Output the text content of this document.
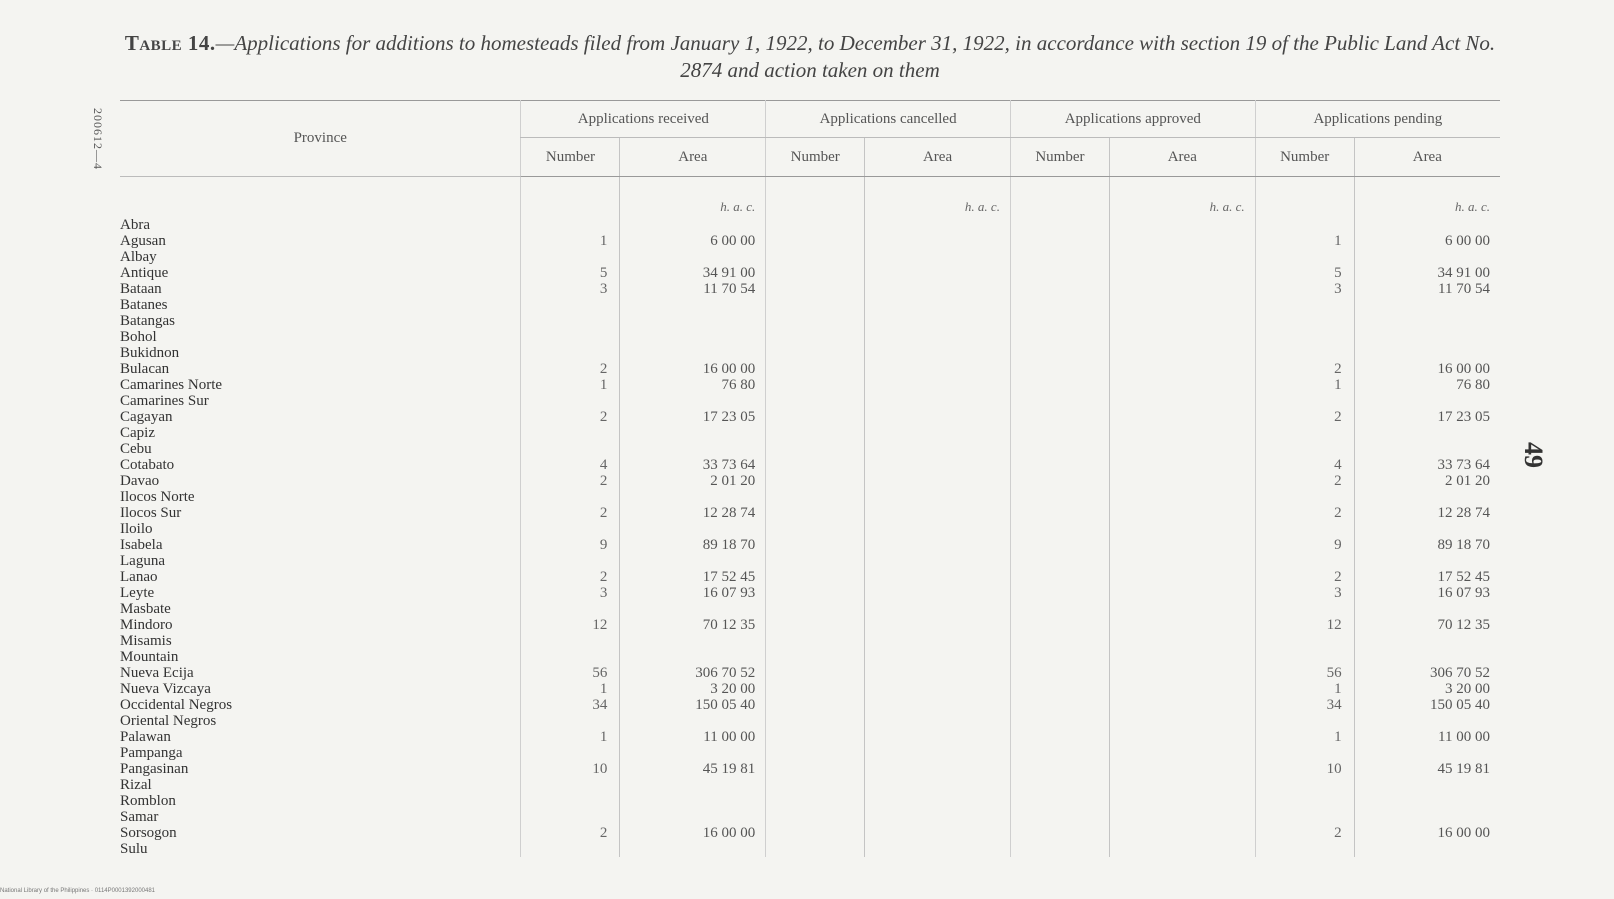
Table 14.—Applications for additions to homesteads filed from January 1, 1922, to December 31, 1922, in accordance with section 19 of the Public Land Act No. 2874 and action taken on them
200612—4
49
Province	Applications received		Applications cancelled		Applications approved		Applications pending	
	Number	Area	Number	Area	Number	Area	Number	Area
		h. a. c.		h. a. c.		h. a. c.		h. a. c.
Abra								
Agusan	1	6 00 00					1	6 00 00
Albay								
Antique	5	34 91 00					5	34 91 00
Bataan	3	11 70 54					3	11 70 54
Batanes								
Batangas								
Bohol								
Bukidnon								
Bulacan	2	16 00 00					2	16 00 00
Camarines Norte	1	76 80					1	76 80
Camarines Sur								
Cagayan	2	17 23 05					2	17 23 05
Capiz								
Cebu								
Cotabato	4	33 73 64					4	33 73 64
Davao	2	2 01 20					2	2 01 20
Ilocos Norte								
Ilocos Sur	2	12 28 74					2	12 28 74
Iloilo								
Isabela	9	89 18 70					9	89 18 70
Laguna								
Lanao	2	17 52 45					2	17 52 45
Leyte	3	16 07 93					3	16 07 93
Masbate								
Mindoro	12	70 12 35					12	70 12 35
Misamis								
Mountain								
Nueva Ecija	56	306 70 52					56	306 70 52
Nueva Vizcaya	1	3 20 00					1	3 20 00
Occidental Negros	34	150 05 40					34	150 05 40
Oriental Negros								
Palawan	1	11 00 00					1	11 00 00
Pampanga								
Pangasinan	10	45 19 81					10	45 19 81
Rizal								
Romblon								
Samar								
Sorsogon	2	16 00 00					2	16 00 00
Sulu								
National Library of the Philippines · 0114P0001392000481
